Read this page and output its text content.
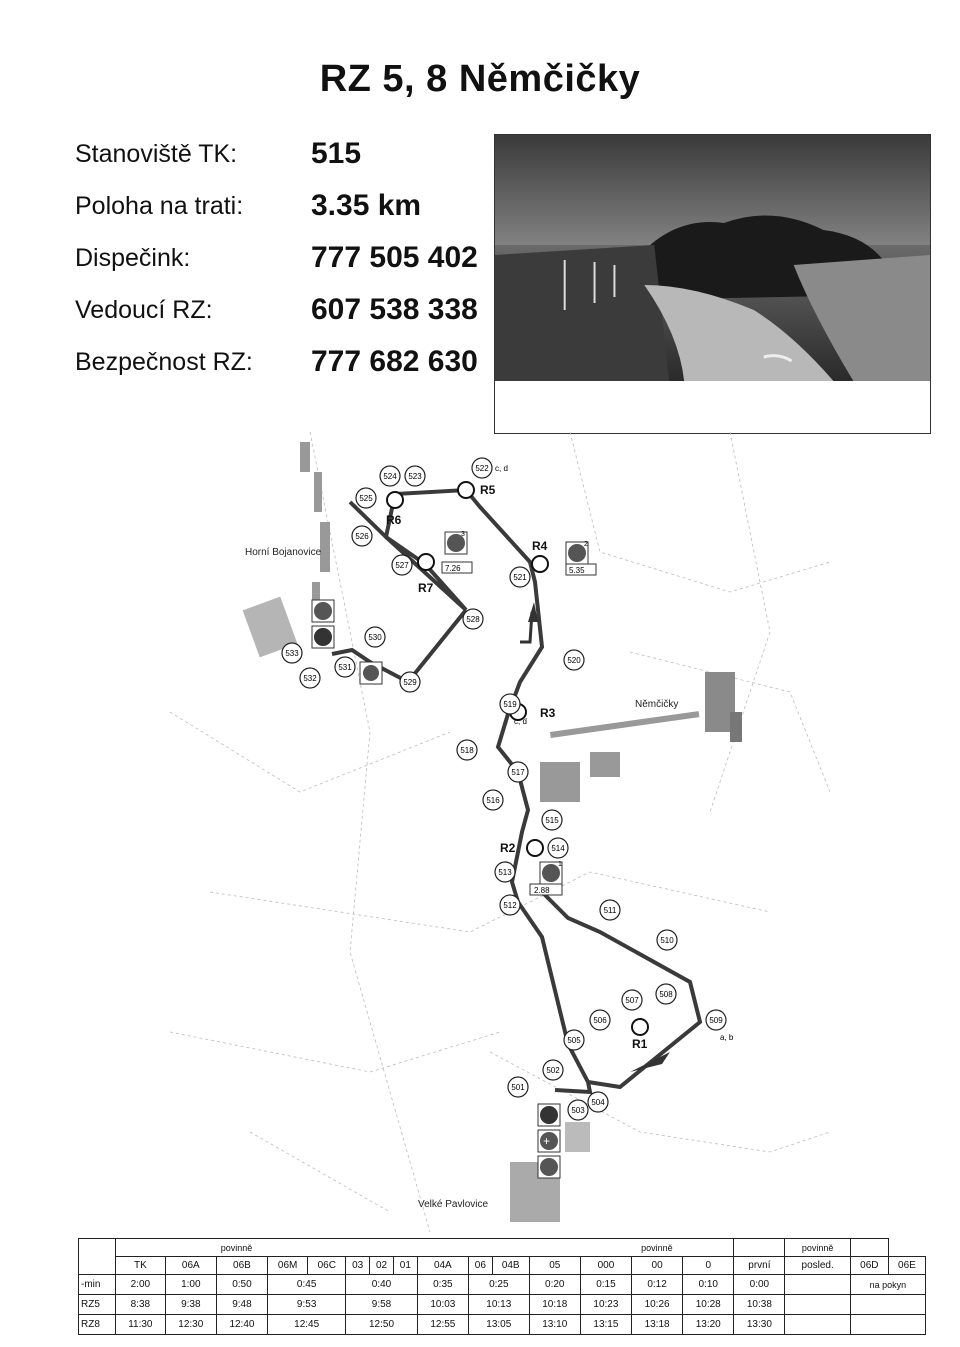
RZ 5, 8 Němčičky
Stanoviště TK:	515
Poloha na trati:	3.35 km
Dispečink:	777 505 402
Vedoucí RZ:	607 538 338
Bezpečnost RZ:	777 682 630
R1
R2
R3
R4
R5
R6
R7
1
2.88
2
5.35
3
7.26
+
501
502
503
504
505
506
507
508
509
a, b
510
511
512
513
514
515
516
517
518
519
c, d
520
521
522 c, d
523
524
525
526
527
528
529
530
531
532
533
Horní Bojanovice
Němčičky
Velké Pavlovice
		povinně											povinně				povinně		
	TK	06A	06B	06M	06C	03	02	01	04A	06	04B	05	000	00	0	první	posled.	06D	06E
-min	2:00	1:00	0:50	0:45		0:40			0:35	0:25		0:20	0:15	0:12	0:10	0:00		na pokyn	
RZ5	8:38	9:38	9:48	9:53		9:58			10:03	10:13		10:18	10:23	10:26	10:28	10:38			
RZ8	11:30	12:30	12:40	12:45		12:50			12:55	13:05		13:10	13:15	13:18	13:20	13:30			
